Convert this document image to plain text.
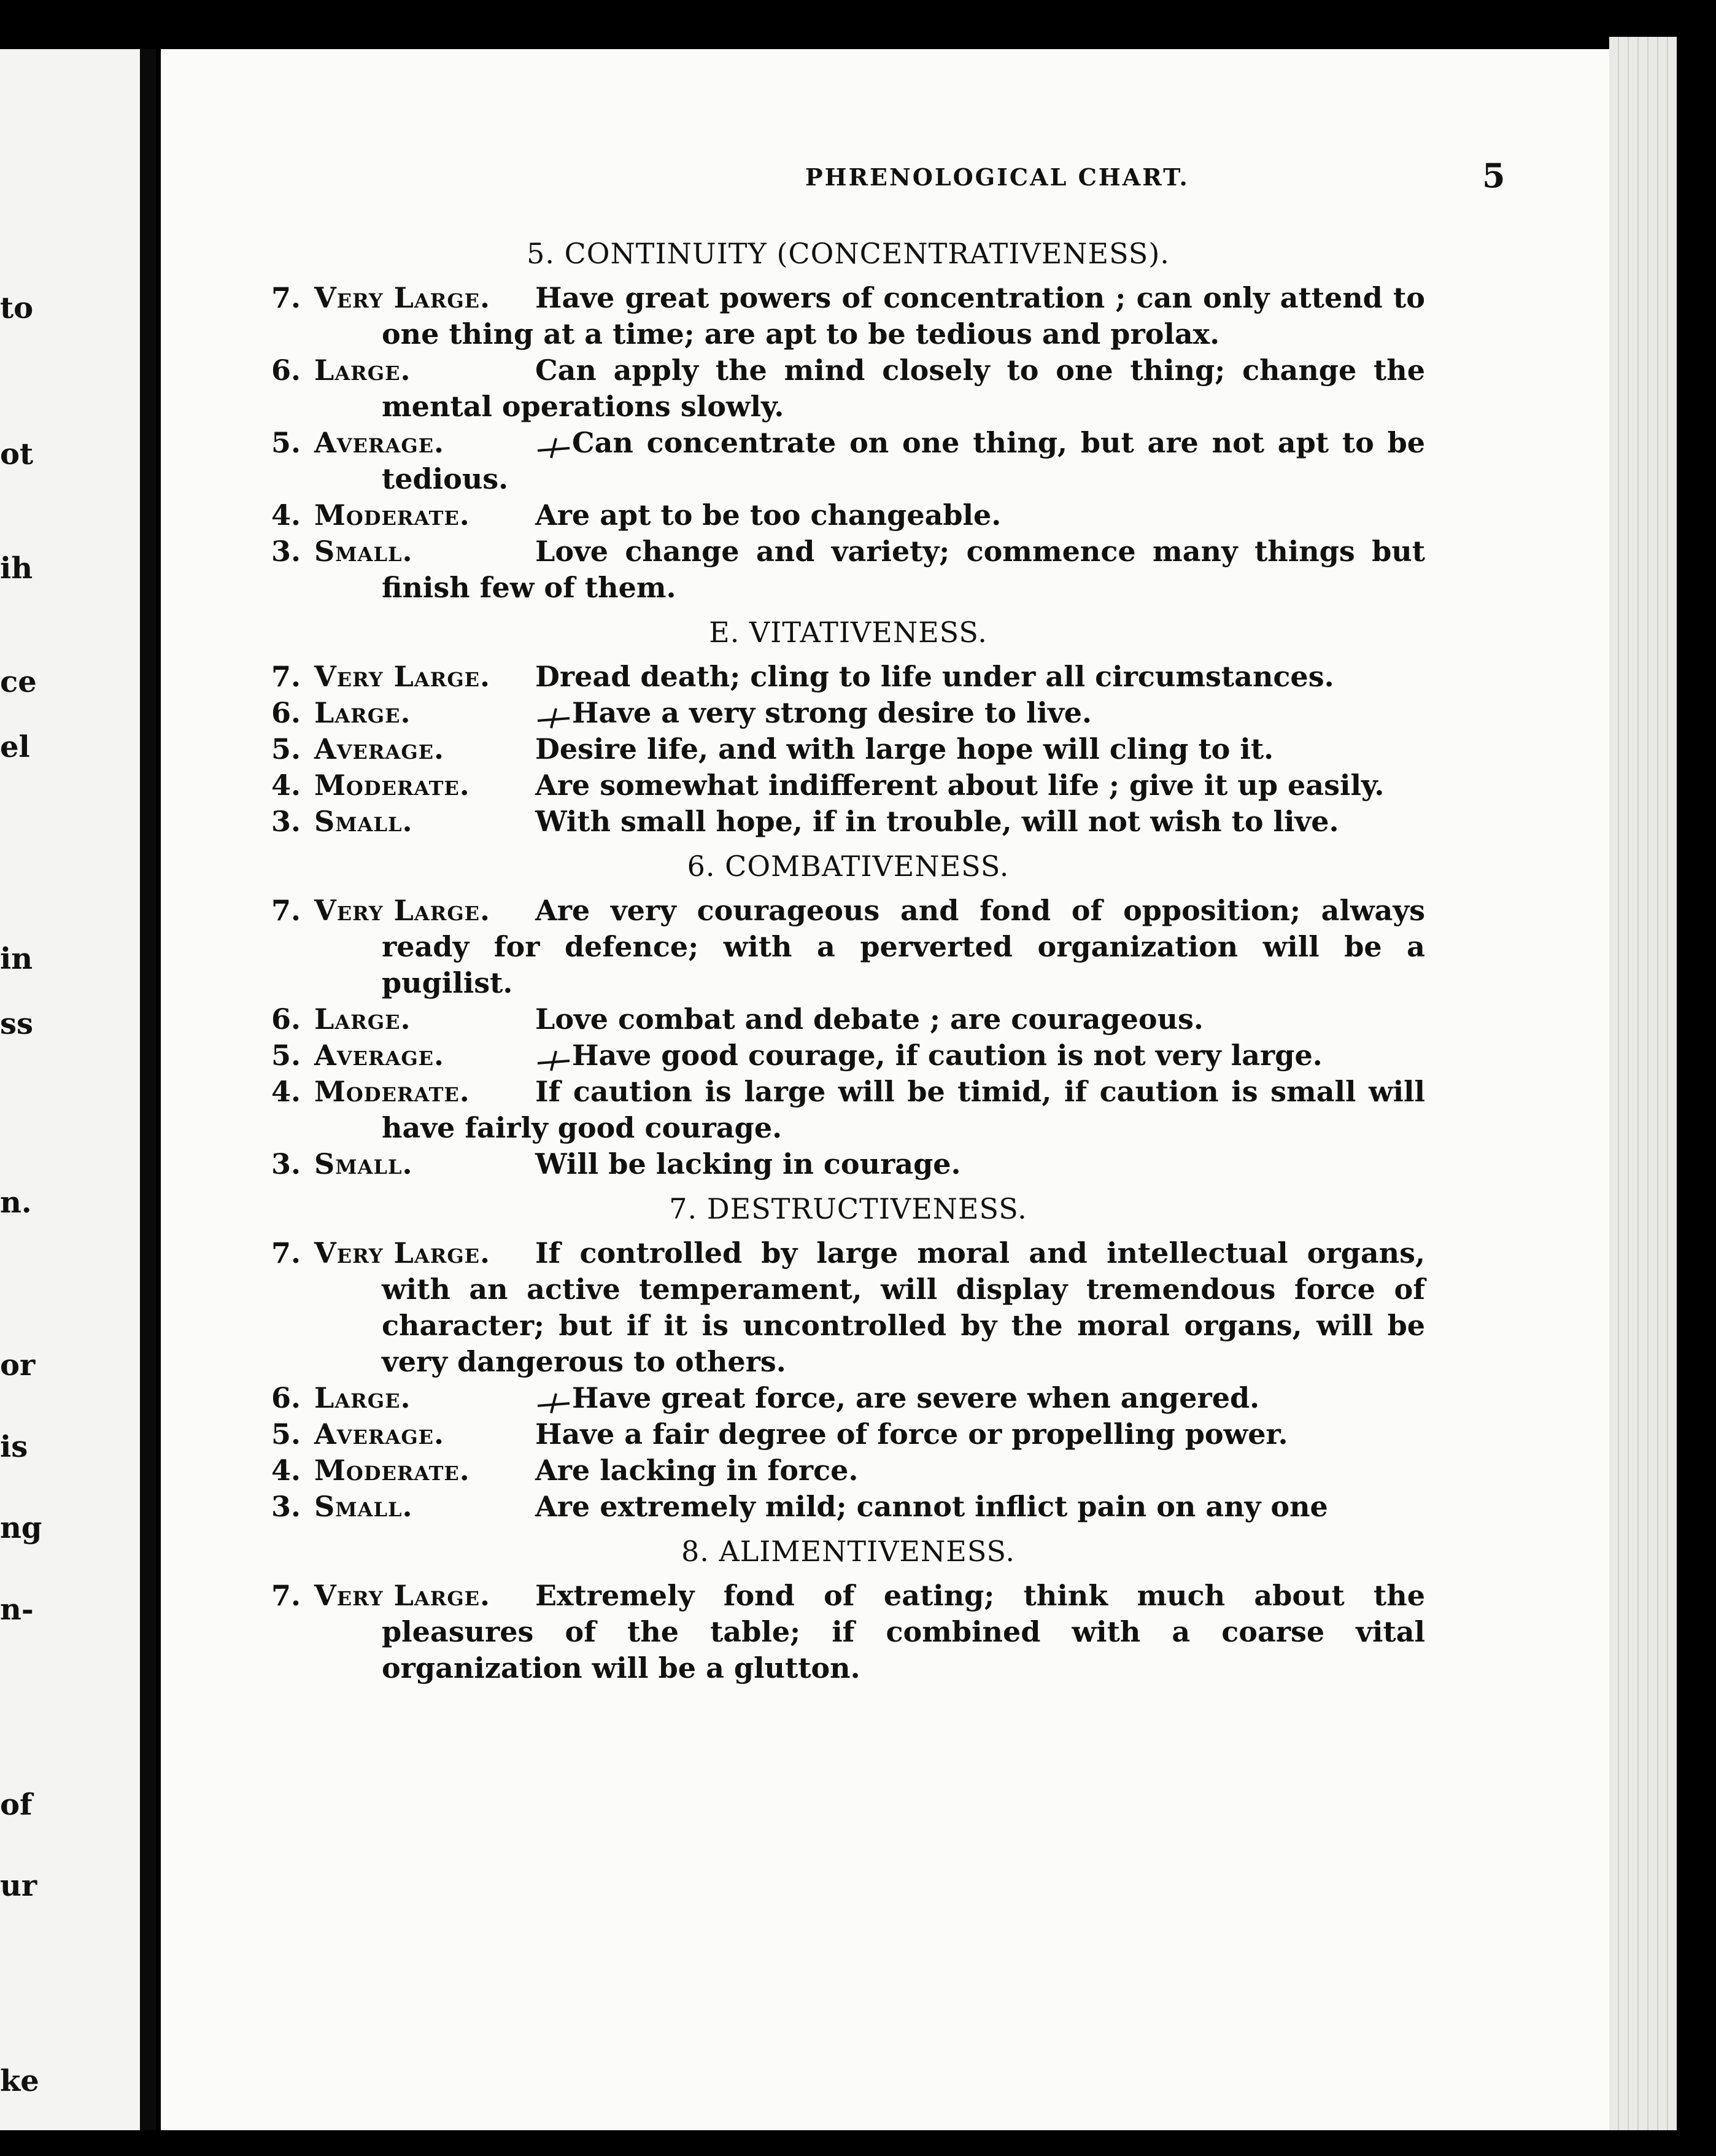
to
ot
ih
ce
el
in
ss
n.
or
is
ng
n-
of
ur
ke
PHRENOLOGICAL CHART.	5
5. CONTINUITY (CONCENTRATIVENESS).
7. Very Large. Have great powers of concentration ; can only attend to one thing at a time; are apt to be tedious and prolax.
6. Large.	Can apply the mind closely to one thing; change the mental operations slowly.
5. Average.	Can concentrate on one thing, but are not apt to be tedious.
4. Moderate. Are apt to be too changeable.
3. Small.	Love change and variety; commence many things but finish few of them.
E. VITATIVENESS.
7. Very Large. Dread death; cling to life under all circumstances.
6. Large.	Have a very strong desire to live.
5. Average.	Desire life, and with large hope will cling to it.
4. Moderate. Are somewhat indifferent about life ; give it up easily.
3. Small.	With small hope, if in trouble, will not wish to live.
6. COMBATIVENESS.
7. Very Large. Are very courageous and fond of opposition; always ready for defence; with a perverted organization will be a pugilist.
6. Large.	Love combat and debate ; are courageous.
5. Average.	Have good courage, if caution is not very large.
4. Moderate. If caution is large will be timid, if caution is small will have fairly good courage.
3. Small.	Will be lacking in courage.
7. DESTRUCTIVENESS.
7. Very Large. If controlled by large moral and intellectual organs, with an active temperament, will display tremendous force of character; but if it is uncontrolled by the moral organs, will be very dangerous to others.
6. Large.	Have great force, are severe when angered.
5. Average.	Have a fair degree of force or propelling power.
4. Moderate. Are lacking in force.
3. Small.	Are extremely mild; cannot inflict pain on any one
8. ALIMENTIVENESS.
7. Very Large. Extremely fond of eating; think much about the pleasures of the table; if combined with a coarse vital organization will be a glutton.
